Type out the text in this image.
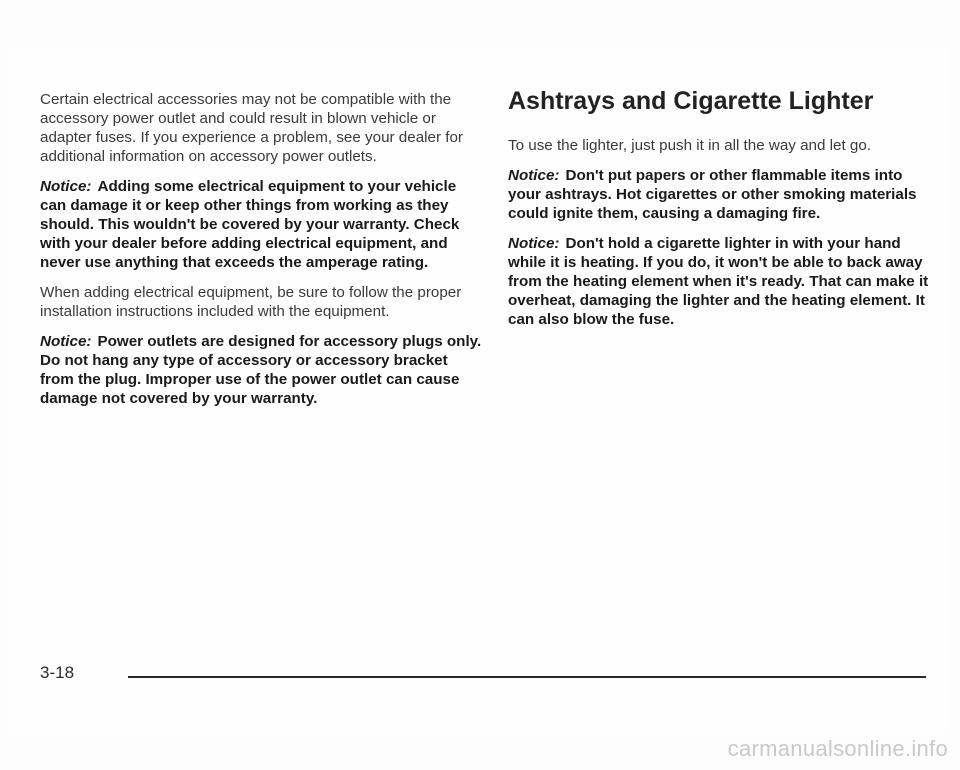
Certain electrical accessories may not be compatible with the accessory power outlet and could result in blown vehicle or adapter fuses. If you experience a problem, see your dealer for additional information on accessory power outlets.

Notice: Adding some electrical equipment to your vehicle can damage it or keep other things from working as they should. This wouldn't be covered by your warranty. Check with your dealer before adding electrical equipment, and never use anything that exceeds the amperage rating.

When adding electrical equipment, be sure to follow the proper installation instructions included with the equipment.

Notice: Power outlets are designed for accessory plugs only. Do not hang any type of accessory or accessory bracket from the plug. Improper use of the power outlet can cause damage not covered by your warranty.

Ashtrays and Cigarette Lighter

To use the lighter, just push it in all the way and let go.

Notice: Don't put papers or other flammable items into your ashtrays. Hot cigarettes or other smoking materials could ignite them, causing a damaging fire.

Notice: Don't hold a cigarette lighter in with your hand while it is heating. If you do, it won't be able to back away from the heating element when it's ready. That can make it overheat, damaging the lighter and the heating element. It can also blow the fuse.

3-18
carmanualsonline.info
